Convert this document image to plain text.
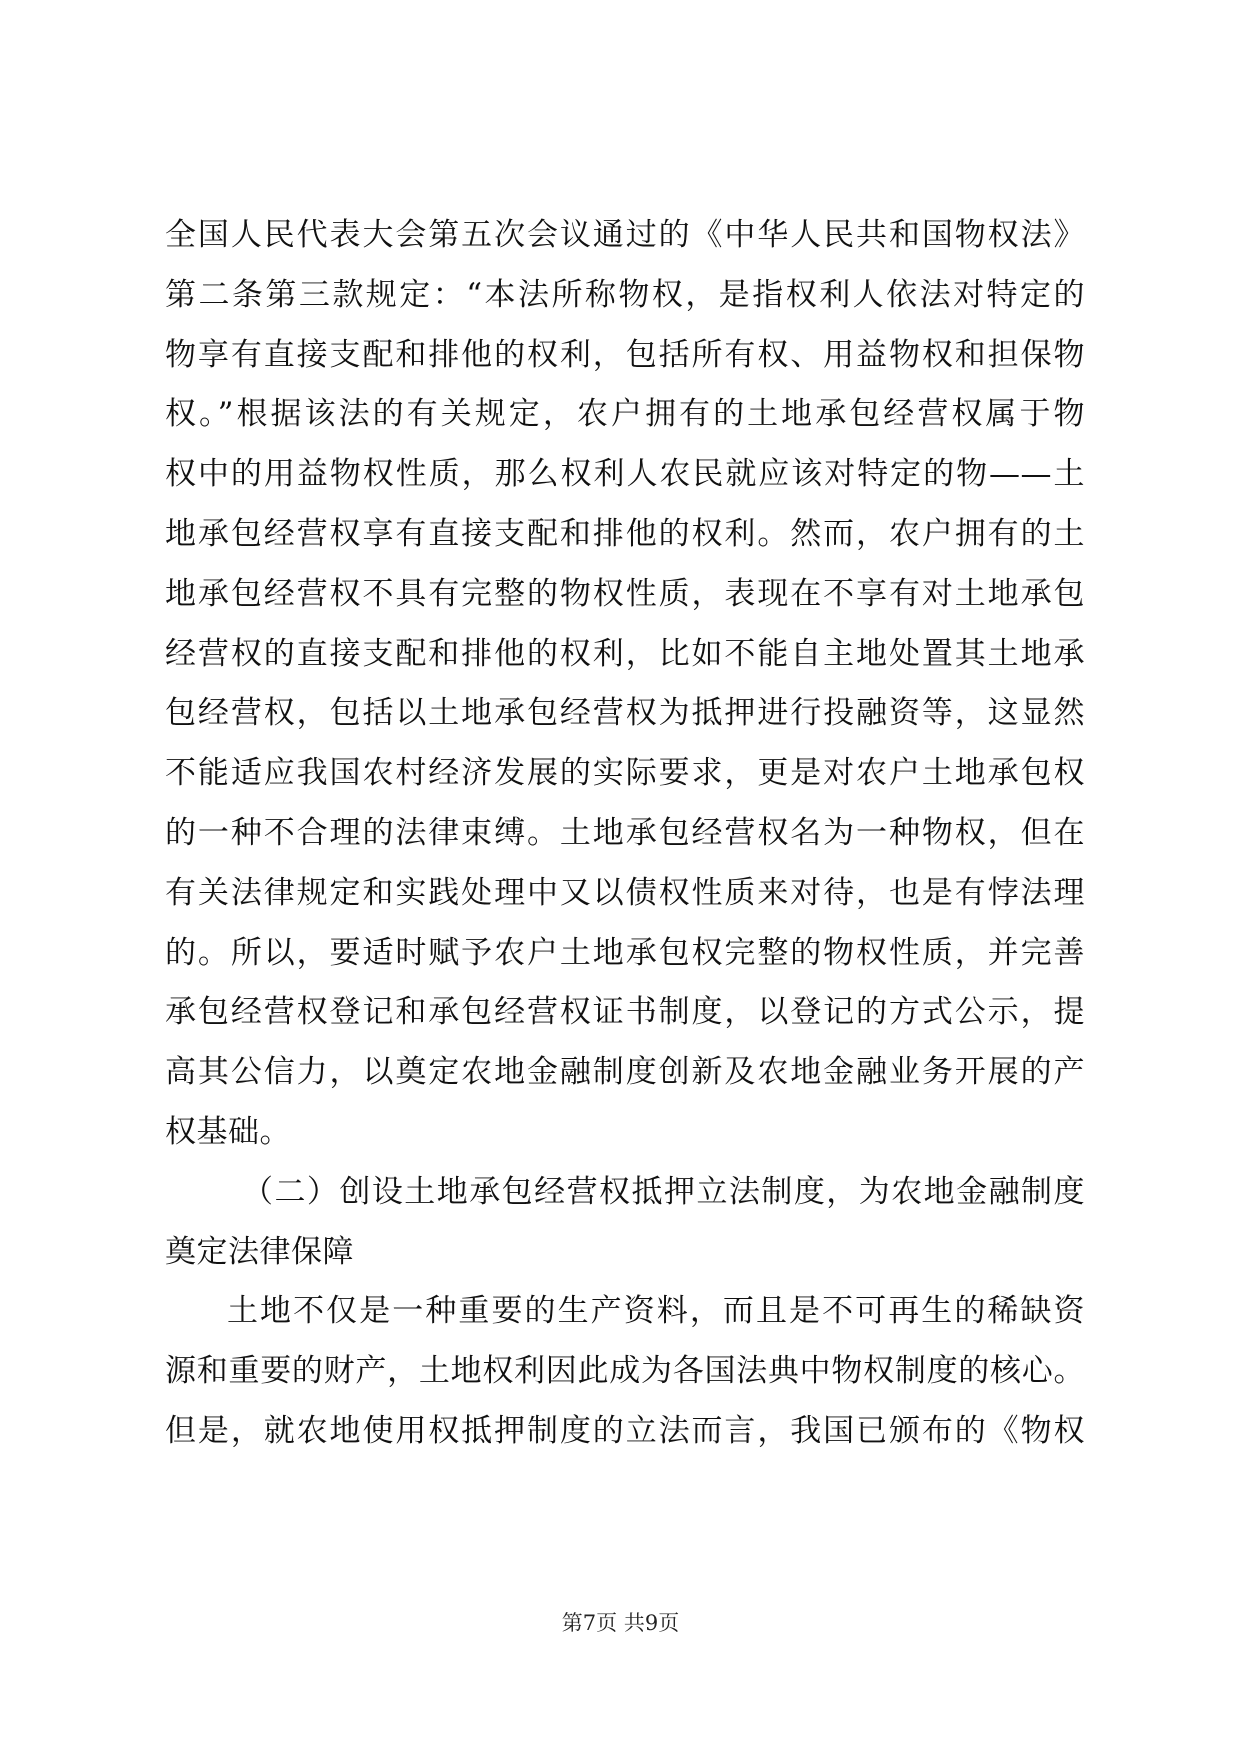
全国人民代表大会第五次会议通过的《中华人民共和国物权法》
第二条第三款规定：“本法所称物权，是指权利人依法对特定的
物享有直接支配和排他的权利，包括所有权、用益物权和担保物
权。”根据该法的有关规定，农户拥有的土地承包经营权属于物
权中的用益物权性质，那么权利人农民就应该对特定的物——土
地承包经营权享有直接支配和排他的权利。然而，农户拥有的土
地承包经营权不具有完整的物权性质，表现在不享有对土地承包
经营权的直接支配和排他的权利，比如不能自主地处置其土地承
包经营权，包括以土地承包经营权为抵押进行投融资等，这显然
不能适应我国农村经济发展的实际要求，更是对农户土地承包权
的一种不合理的法律束缚。土地承包经营权名为一种物权，但在
有关法律规定和实践处理中又以债权性质来对待，也是有悖法理
的。所以，要适时赋予农户土地承包权完整的物权性质，并完善
承包经营权登记和承包经营权证书制度，以登记的方式公示，提
高其公信力，以奠定农地金融制度创新及农地金融业务开展的产
权基础。
（二）创设土地承包经营权抵押立法制度，为农地金融制度
奠定法律保障
土地不仅是一种重要的生产资料，而且是不可再生的稀缺资
源和重要的财产，土地权利因此成为各国法典中物权制度的核心。
但是，就农地使用权抵押制度的立法而言，我国已颁布的《物权
第7页 共9页
